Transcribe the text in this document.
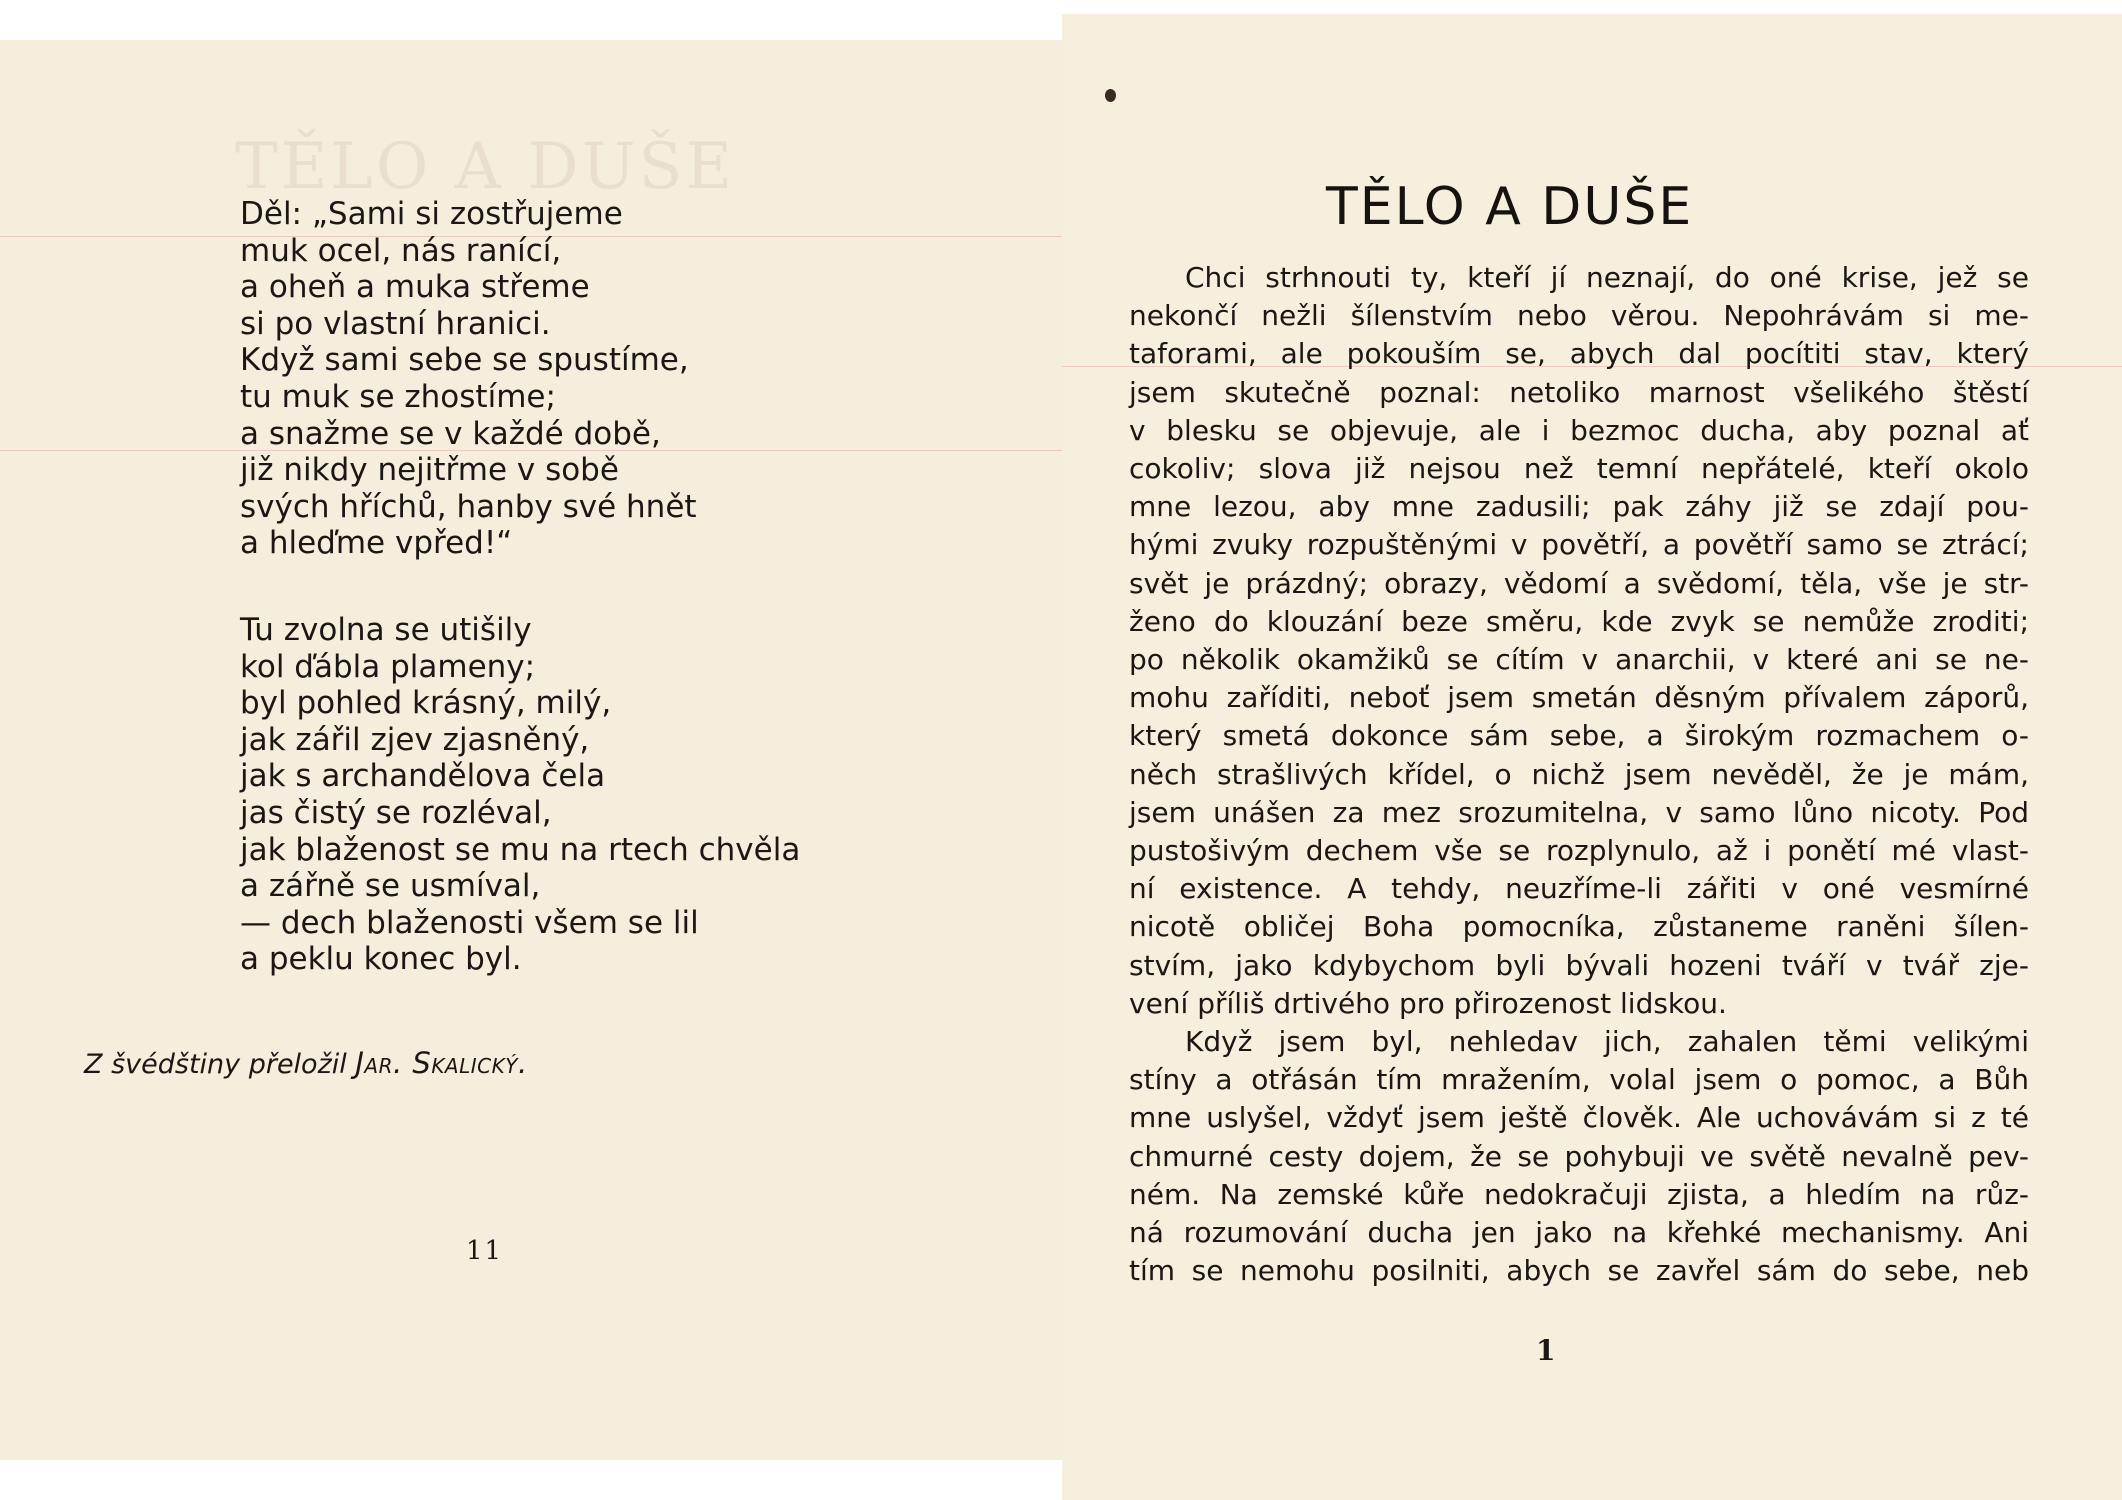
TĚLO A DUŠE
Děl: „Sami si zostřujeme
muk ocel, nás ranící,
a oheň a muka střeme
si po vlastní hranici.
Když sami sebe se spustíme,
tu muk se zhostíme;
a snažme se v každé době,
již nikdy nejitřme v sobě
svých hříchů, hanby své hnět
a hleďme vpřed!“
Tu zvolna se utišily
kol ďábla plameny;
byl pohled krásný, milý,
jak zářil zjev zjasněný,
jak s archandělova čela
jas čistý se rozléval,
jak blaženost se mu na rtech chvěla
a zářně se usmíval,
— dech blaženosti všem se lil
a peklu konec byl.
Z švédštiny přeložil Jar. Skalický.
11
TĚLO A DUŠE
Chci strhnouti ty, kteří jí neznají, do oné krise, jež se
nekončí nežli šílenstvím nebo věrou. Nepohrávám si me-
taforami, ale pokouším se, abych dal pocítiti stav, který
jsem skutečně poznal: netoliko marnost všelikého štěstí
v blesku se objevuje, ale i bezmoc ducha, aby poznal ať
cokoliv; slova již nejsou než temní nepřátelé, kteří okolo
mne lezou, aby mne zadusili; pak záhy již se zdají pou-
hými zvuky rozpuštěnými v povětří, a povětří samo se ztrácí;
svět je prázdný; obrazy, vědomí a svědomí, těla, vše je str-
ženo do klouzání beze směru, kde zvyk se nemůže zroditi;
po několik okamžiků se cítím v anarchii, v které ani se ne-
mohu zaříditi, neboť jsem smetán děsným přívalem záporů,
který smetá dokonce sám sebe, a širokým rozmachem o-
něch strašlivých křídel, o nichž jsem nevěděl, že je mám,
jsem unášen za mez srozumitelna, v samo lůno nicoty. Pod
pustošivým dechem vše se rozplynulo, až i ponětí mé vlast-
ní existence. A tehdy, neuzříme-li zářiti v oné vesmírné
nicotě obličej Boha pomocníka, zůstaneme raněni šílen-
stvím, jako kdybychom byli bývali hozeni tváří v tvář zje-
vení příliš drtivého pro přirozenost lidskou.
Když jsem byl, nehledav jich, zahalen těmi velikými
stíny a otřásán tím mražením, volal jsem o pomoc, a Bůh
mne uslyšel, vždyť jsem ještě člověk. Ale uchovávám si z té
chmurné cesty dojem, že se pohybuji ve světě nevalně pev-
ném. Na zemské kůře nedokračuji zjista, a hledím na růz-
ná rozumování ducha jen jako na křehké mechanismy. Ani
tím se nemohu posilniti, abych se zavřel sám do sebe, neb
1
